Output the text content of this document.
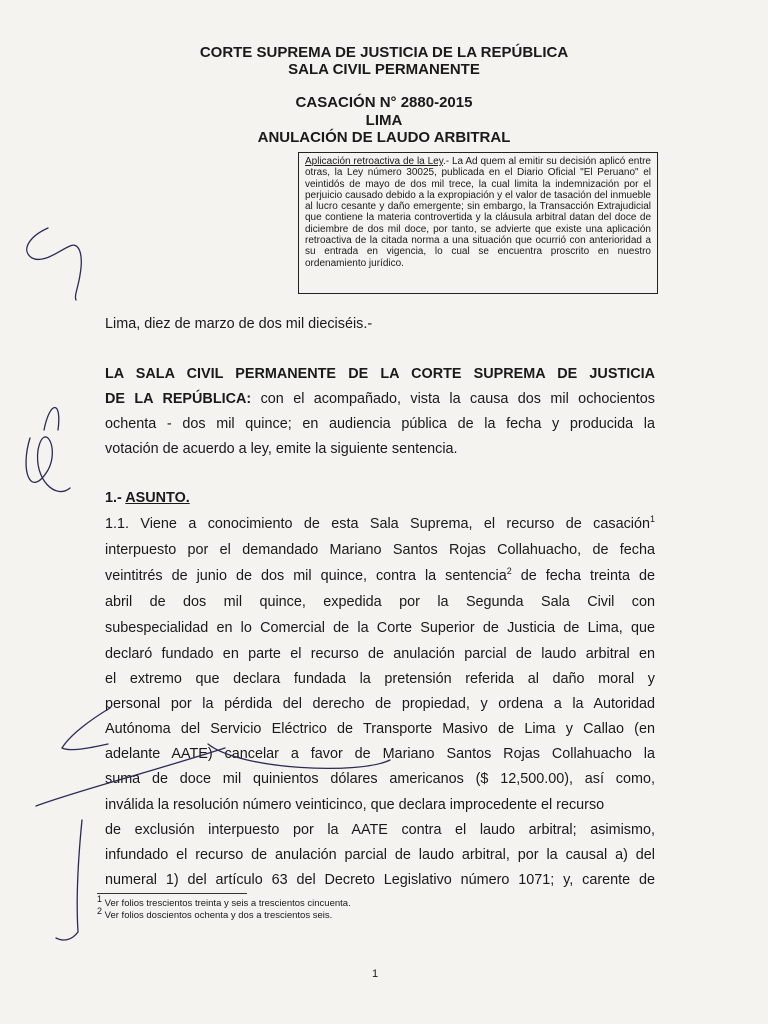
CORTE SUPREMA DE JUSTICIA DE LA REPÚBLICA
SALA CIVIL PERMANENTE
CASACIÓN N° 2880-2015
LIMA
ANULACIÓN DE LAUDO ARBITRAL
Aplicación retroactiva de la Ley.- La Ad quem al emitir su decisión aplicó entre otras, la Ley número 30025, publicada en el Diario Oficial "El Peruano" el veintidós de mayo de dos mil trece, la cual limita la indemnización por el perjuicio causado debido a la expropiación y el valor de tasación del inmueble al lucro cesante y daño emergente; sin embargo, la Transacción Extrajudicial que contiene la materia controvertida y la cláusula arbitral datan del doce de diciembre de dos mil doce, por tanto, se advierte que existe una aplicación retroactiva de la citada norma a una situación que ocurrió con anterioridad a su entrada en vigencia, lo cual se encuentra proscrito en nuestro ordenamiento jurídico.
Lima, diez de marzo de dos mil dieciséis.-
LA SALA CIVIL PERMANENTE DE LA CORTE SUPREMA DE JUSTICIA
DE LA REPÚBLICA: con el acompañado, vista la causa dos mil ochocientos
ochenta - dos mil quince; en audiencia pública de la fecha y producida la
votación de acuerdo a ley, emite la siguiente sentencia.
1.- ASUNTO.
1.1. Viene a conocimiento de esta Sala Suprema, el recurso de casación$^1$
interpuesto por el demandado Mariano Santos Rojas Collahuacho, de fecha
veintitrés de junio de dos mil quince, contra la sentencia$^2$ de fecha treinta de
abril de dos mil quince, expedida por la Segunda Sala Civil con
subespecialidad en lo Comercial de la Corte Superior de Justicia de Lima, que
declaró fundado en parte el recurso de anulación parcial de laudo arbitral en
el extremo que declara fundada la pretensión referida al daño moral y
personal por la pérdida del derecho de propiedad, y ordena a la Autoridad
Autónoma del Servicio Eléctrico de Transporte Masivo de Lima y Callao (en
adelante AATE) cancelar a favor de Mariano Santos Rojas Collahuacho la
suma de doce mil quinientos dólares americanos ($ 12,500.00), así como,
inválida la resolución número veinticinco, que declara improcedente el recurso
de exclusión interpuesto por la AATE contra el laudo arbitral; asimismo,
infundado el recurso de anulación parcial de laudo arbitral, por la causal a) del
numeral 1) del artículo 63 del Decreto Legislativo número 1071; y, carente de
$^1$ Ver folios trescientos treinta y seis a trescientos cincuenta.
$^2$ Ver folios doscientos ochenta y dos a trescientos seis.
1
